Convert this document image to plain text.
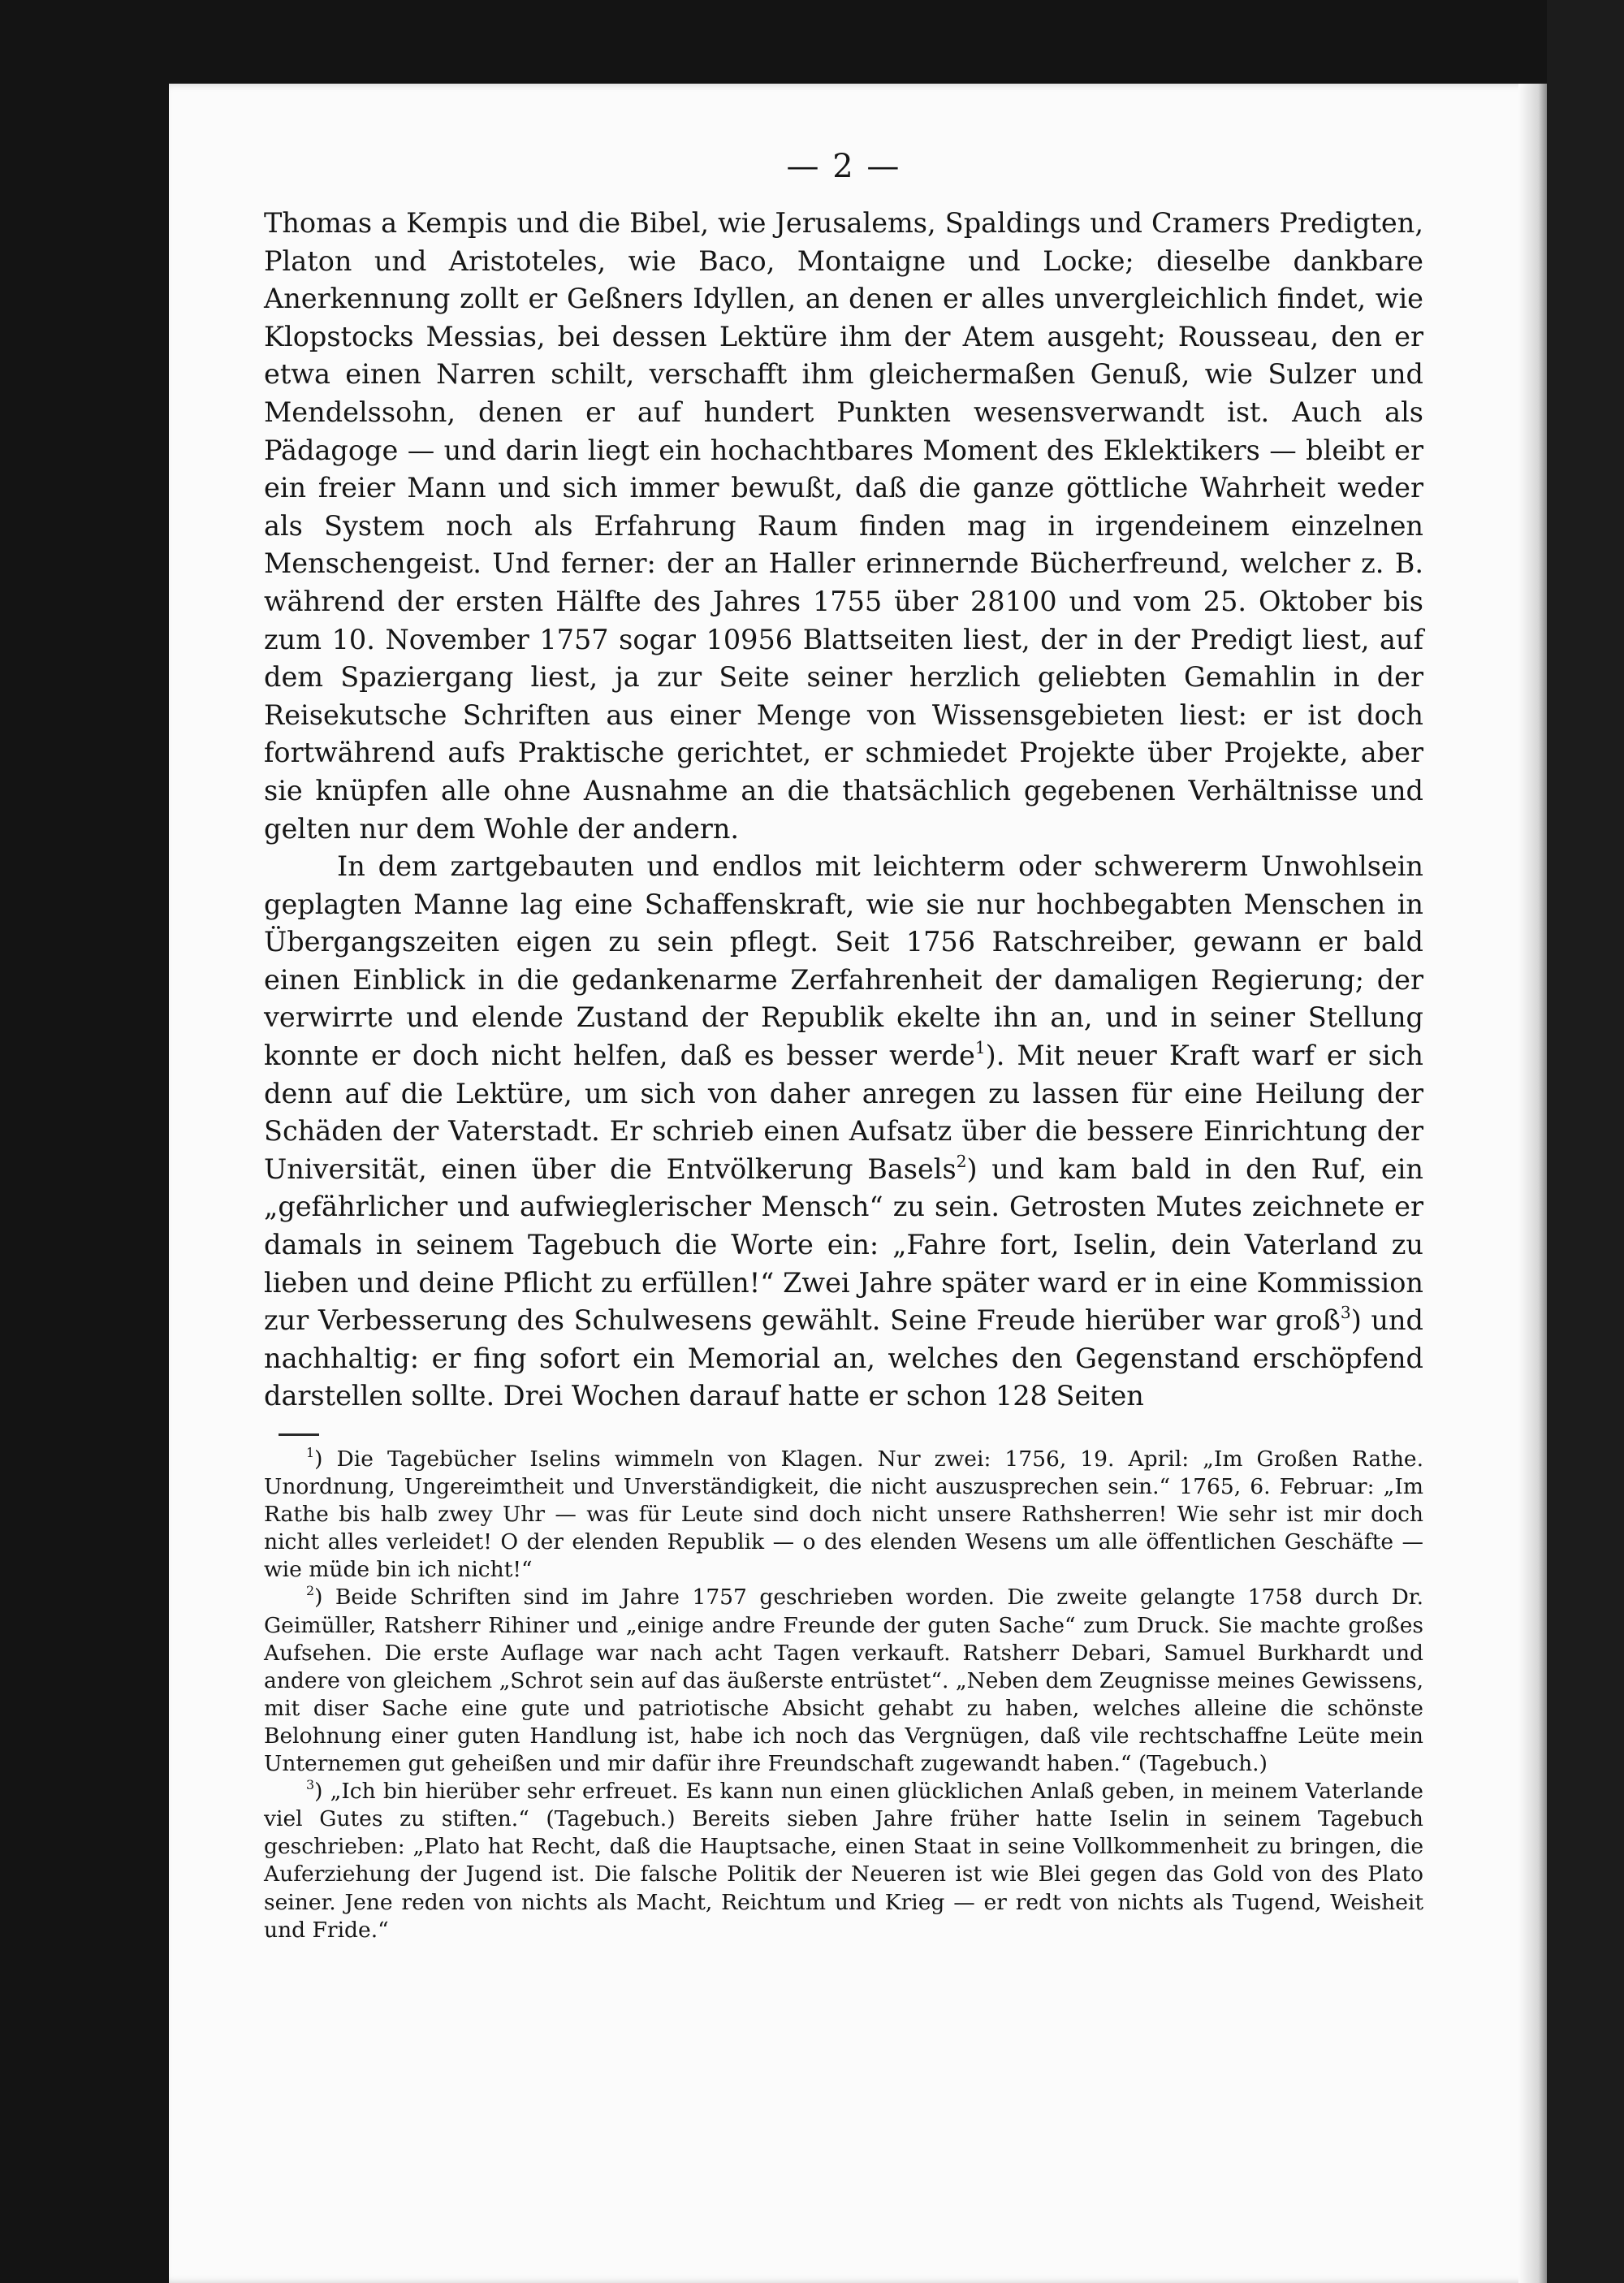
— 2 —

Thomas a Kempis und die Bibel, wie Jerusalems, Spaldings und Cramers Predigten, Platon und Aristoteles, wie Baco, Montaigne und Locke; dieselbe dankbare Anerkennung zollt er Geßners Idyllen, an denen er alles unvergleichlich findet, wie Klopstocks Messias, bei dessen Lektüre ihm der Atem ausgeht; Rousseau, den er etwa einen Narren schilt, verschafft ihm gleichermaßen Genuß, wie Sulzer und Mendelssohn, denen er auf hundert Punkten wesensverwandt ist. Auch als Pädagoge — und darin liegt ein hochachtbares Moment des Eklektikers — bleibt er ein freier Mann und sich immer bewußt, daß die ganze göttliche Wahrheit weder als System noch als Erfahrung Raum finden mag in irgendeinem einzelnen Menschengeist. Und ferner: der an Haller erinnernde Bücherfreund, welcher z. B. während der ersten Hälfte des Jahres 1755 über 28100 und vom 25. Oktober bis zum 10. November 1757 sogar 10956 Blattseiten liest, der in der Predigt liest, auf dem Spaziergang liest, ja zur Seite seiner herzlich geliebten Gemahlin in der Reisekutsche Schriften aus einer Menge von Wissensgebieten liest: er ist doch fortwährend aufs Praktische gerichtet, er schmiedet Projekte über Projekte, aber sie knüpfen alle ohne Ausnahme an die thatsächlich gegebenen Verhältnisse und gelten nur dem Wohle der andern.

In dem zartgebauten und endlos mit leichterm oder schwererm Unwohlsein geplagten Manne lag eine Schaffenskraft, wie sie nur hochbegabten Menschen in Übergangszeiten eigen zu sein pflegt. Seit 1756 Ratschreiber, gewann er bald einen Einblick in die gedankenarme Zerfahrenheit der damaligen Regierung; der verwirrte und elende Zustand der Republik ekelte ihn an, und in seiner Stellung konnte er doch nicht helfen, daß es besser werde$^1$). Mit neuer Kraft warf er sich denn auf die Lektüre, um sich von daher anregen zu lassen für eine Heilung der Schäden der Vaterstadt. Er schrieb einen Aufsatz über die bessere Einrichtung der Universität, einen über die Entvölkerung Basels$^2$) und kam bald in den Ruf, ein „gefährlicher und aufwieglerischer Mensch“ zu sein. Getrosten Mutes zeichnete er damals in seinem Tagebuch die Worte ein: „Fahre fort, Iselin, dein Vaterland zu lieben und deine Pflicht zu erfüllen!“ Zwei Jahre später ward er in eine Kommission zur Verbesserung des Schulwesens gewählt. Seine Freude hierüber war groß$^3$) und nachhaltig: er fing sofort ein Memorial an, welches den Gegenstand erschöpfend darstellen sollte. Drei Wochen darauf hatte er schon 128 Seiten

$^1$) Die Tagebücher Iselins wimmeln von Klagen. Nur zwei: 1756, 19. April: „Im Großen Rathe. Unordnung, Ungereimtheit und Unverständigkeit, die nicht auszusprechen sein.“ 1765, 6. Februar: „Im Rathe bis halb zwey Uhr — was für Leute sind doch nicht unsere Rathsherren! Wie sehr ist mir doch nicht alles verleidet! O der elenden Republik — o des elenden Wesens um alle öffentlichen Geschäfte — wie müde bin ich nicht!“

$^2$) Beide Schriften sind im Jahre 1757 geschrieben worden. Die zweite gelangte 1758 durch Dr. Geimüller, Ratsherr Rihiner und „einige andre Freunde der guten Sache“ zum Druck. Sie machte großes Aufsehen. Die erste Auflage war nach acht Tagen verkauft. Ratsherr Debari, Samuel Burkhardt und andere von gleichem „Schrot sein auf das äußerste entrüstet“. „Neben dem Zeugnisse meines Gewissens, mit diser Sache eine gute und patriotische Absicht gehabt zu haben, welches alleine die schönste Belohnung einer guten Handlung ist, habe ich noch das Vergnügen, daß vile rechtschaffne Leüte mein Unternemen gut geheißen und mir dafür ihre Freundschaft zugewandt haben.“ (Tagebuch.)

$^3$) „Ich bin hierüber sehr erfreuet. Es kann nun einen glücklichen Anlaß geben, in meinem Vaterlande viel Gutes zu stiften.“ (Tagebuch.) Bereits sieben Jahre früher hatte Iselin in seinem Tagebuch geschrieben: „Plato hat Recht, daß die Hauptsache, einen Staat in seine Vollkommenheit zu bringen, die Auferziehung der Jugend ist. Die falsche Politik der Neueren ist wie Blei gegen das Gold von des Plato seiner. Jene reden von nichts als Macht, Reichtum und Krieg — er redt von nichts als Tugend, Weisheit und Fride.“
